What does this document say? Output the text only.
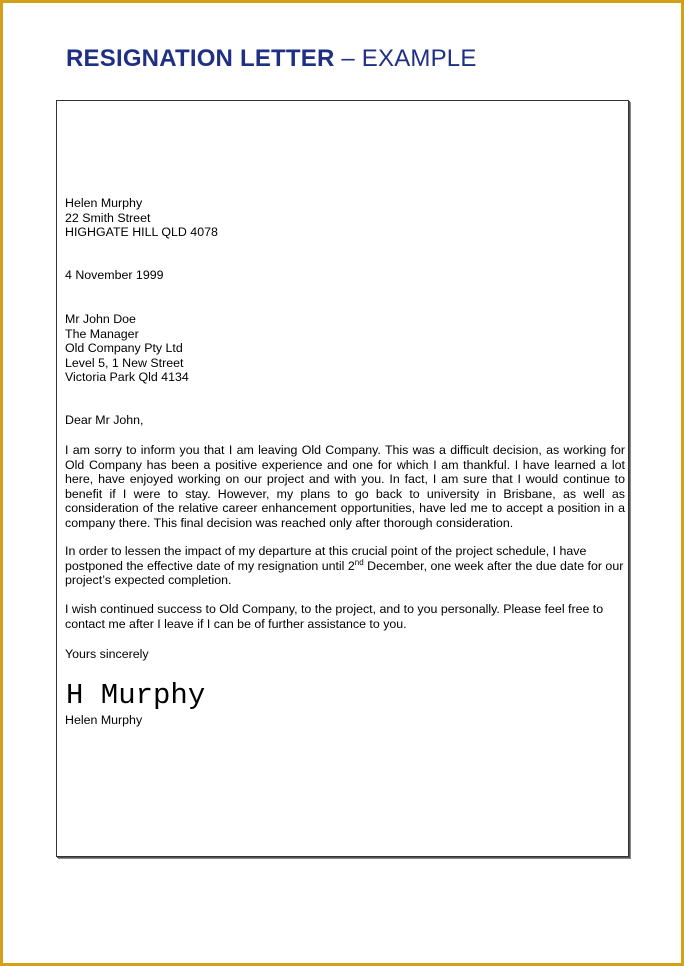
RESIGNATION LETTER – EXAMPLE
Helen Murphy
22 Smith Street
HIGHGATE HILL QLD 4078
4 November 1999
Mr John Doe
The Manager
Old Company Pty Ltd
Level 5, 1 New Street
Victoria Park Qld 4134
Dear Mr John,
I am sorry to inform you that I am leaving Old Company. This was a difficult decision, as working for Old Company has been a positive experience and one for which I am thankful. I have learned a lot here, have enjoyed working on our project and with you. In fact, I am sure that I would continue to benefit if I were to stay. However, my plans to go back to university in Brisbane, as well as consideration of the relative career enhancement opportunities, have led me to accept a position in a company there. This final decision was reached only after thorough consideration.
In order to lessen the impact of my departure at this crucial point of the project schedule, I have postponed the effective date of my resignation until 2nd December, one week after the due date for our project’s expected completion.
I wish continued success to Old Company, to the project, and to you personally. Please feel free to contact me after I leave if I can be of further assistance to you.
Yours sincerely
H Murphy
Helen Murphy
